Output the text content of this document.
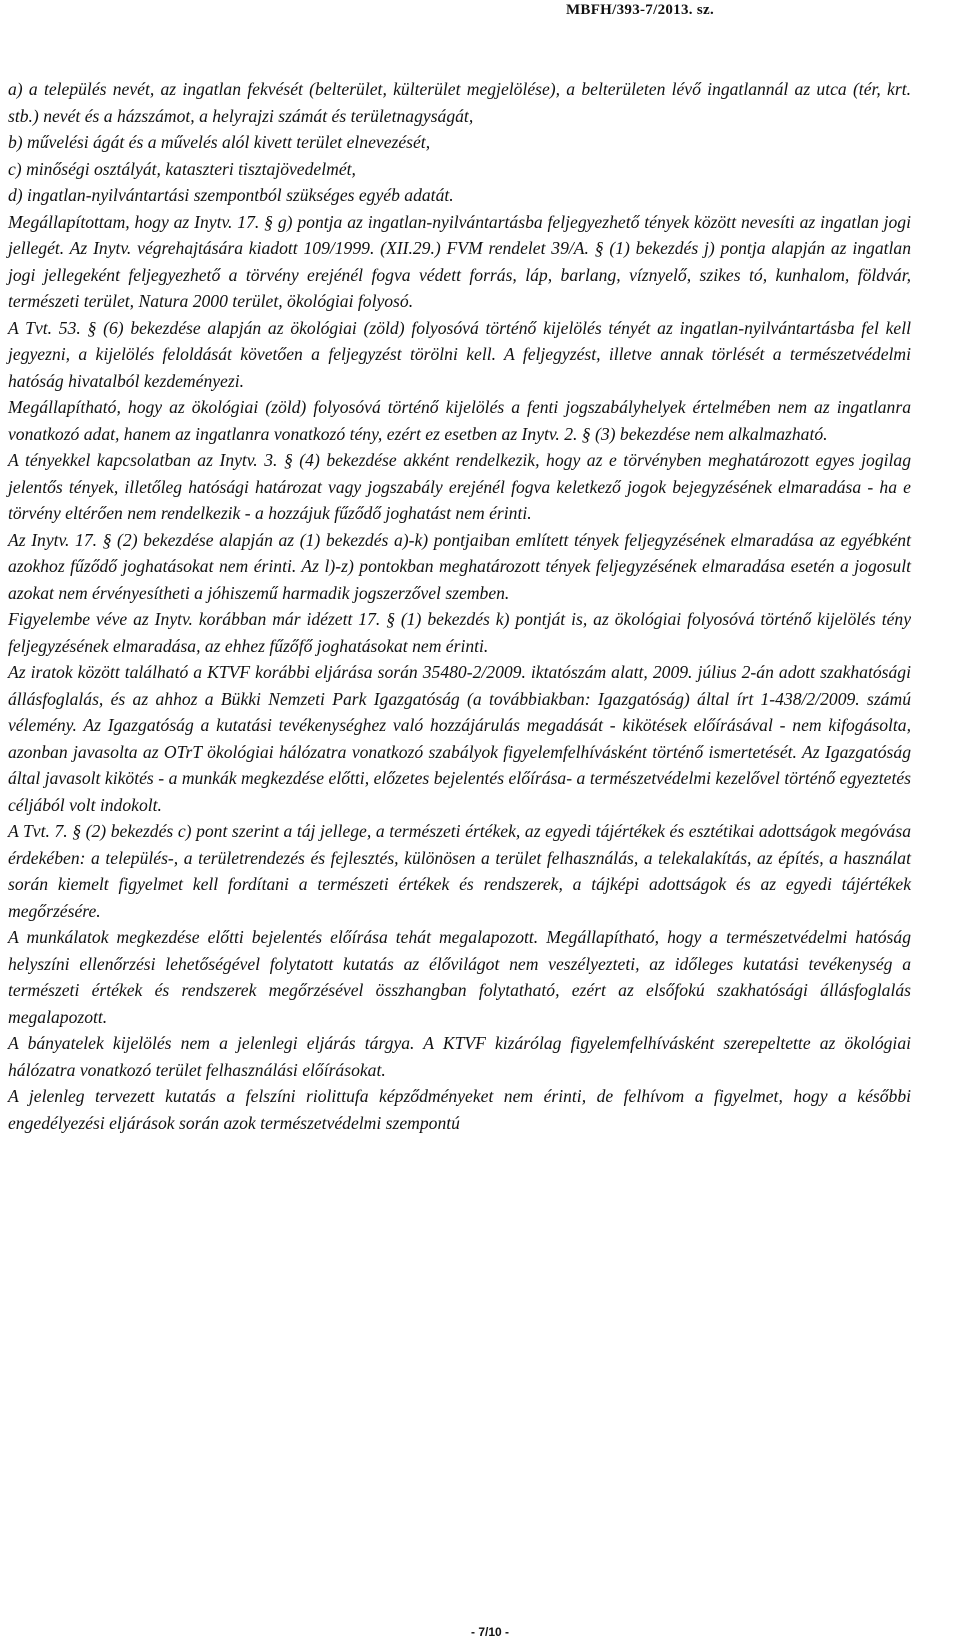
MBFH/393-7/2013. sz.

a) a település nevét, az ingatlan fekvését (belterület, külterület megjelölése), a belterületen lévő ingatlannál az utca (tér, krt. stb.) nevét és a házszámot, a helyrajzi számát és területnagyságát,

b) művelési ágát és a művelés alól kivett terület elnevezését,

c) minőségi osztályát, kataszteri tisztajövedelmét,

d) ingatlan-nyilvántartási szempontból szükséges egyéb adatát.

Megállapítottam, hogy az Inytv. 17. § g) pontja az ingatlan-nyilvántartásba feljegyezhető tények között nevesíti az ingatlan jogi jellegét. Az Inytv. végrehajtására kiadott 109/1999. (XII.29.) FVM rendelet 39/A. § (1) bekezdés j) pontja alapján az ingatlan jogi jellegeként feljegyezhető a törvény erejénél fogva védett forrás, láp, barlang, víznyelő, szikes tó, kunhalom, földvár, természeti terület, Natura 2000 terület, ökológiai folyosó.

A Tvt. 53. § (6) bekezdése alapján az ökológiai (zöld) folyosóvá történő kijelölés tényét az ingatlan-nyilvántartásba fel kell jegyezni, a kijelölés feloldását követően a feljegyzést törölni kell. A feljegyzést, illetve annak törlését a természetvédelmi hatóság hivatalból kezdeményezi.

Megállapítható, hogy az ökológiai (zöld) folyosóvá történő kijelölés a fenti jogszabályhelyek értelmében nem az ingatlanra vonatkozó adat, hanem az ingatlanra vonatkozó tény, ezért ez esetben az Inytv. 2. § (3) bekezdése nem alkalmazható.

A tényekkel kapcsolatban az Inytv. 3. § (4) bekezdése akként rendelkezik, hogy az e törvényben meghatározott egyes jogilag jelentős tények, illetőleg hatósági határozat vagy jogszabály erejénél fogva keletkező jogok bejegyzésének elmaradása - ha e törvény eltérően nem rendelkezik - a hozzájuk fűződő joghatást nem érinti.

Az Inytv. 17. § (2) bekezdése alapján az (1) bekezdés a)-k) pontjaiban említett tények feljegyzésének elmaradása az egyébként azokhoz fűződő joghatásokat nem érinti. Az l)-z) pontokban meghatározott tények feljegyzésének elmaradása esetén a jogosult azokat nem érvényesítheti a jóhiszemű harmadik jogszerzővel szemben.

Figyelembe véve az Inytv. korábban már idézett 17. § (1) bekezdés k) pontját is, az ökológiai folyosóvá történő kijelölés tény feljegyzésének elmaradása, az ehhez fűzőfő joghatásokat nem érinti.

Az iratok között található a KTVF korábbi eljárása során 35480-2/2009. iktatószám alatt, 2009. július 2-án adott szakhatósági állásfoglalás, és az ahhoz a Bükki Nemzeti Park Igazgatóság (a továbbiakban: Igazgatóság) által írt 1-438/2/2009. számú vélemény. Az Igazgatóság a kutatási tevékenységhez való hozzájárulás megadását - kikötések előírásával - nem kifogásolta, azonban javasolta az OTrT ökológiai hálózatra vonatkozó szabályok figyelemfelhívásként történő ismertetését. Az Igazgatóság által javasolt kikötés - a munkák megkezdése előtti, előzetes bejelentés előírása- a természetvédelmi kezelővel történő egyeztetés céljából volt indokolt.

A Tvt. 7. § (2) bekezdés c) pont szerint a táj jellege, a természeti értékek, az egyedi tájértékek és esztétikai adottságok megóvása érdekében: a település-, a területrendezés és fejlesztés, különösen a terület felhasználás, a telekalakítás, az építés, a használat során kiemelt figyelmet kell fordítani a természeti értékek és rendszerek, a tájképi adottságok és az egyedi tájértékek megőrzésére.

A munkálatok megkezdése előtti bejelentés előírása tehát megalapozott. Megállapítható, hogy a természetvédelmi hatóság helyszíni ellenőrzési lehetőségével folytatott kutatás az élővilágot nem veszélyezteti, az időleges kutatási tevékenység a természeti értékek és rendszerek megőrzésével összhangban folytatható, ezért az elsőfokú szakhatósági állásfoglalás megalapozott.

A bányatelek kijelölés nem a jelenlegi eljárás tárgya. A KTVF kizárólag figyelemfelhívásként szerepeltette az ökológiai hálózatra vonatkozó terület felhasználási előírásokat.

A jelenleg tervezett kutatás a felszíni riolittufa képződményeket nem érinti, de felhívom a figyelmet, hogy a későbbi engedélyezési eljárások során azok természetvédelmi szempontú

- 7/10 -
